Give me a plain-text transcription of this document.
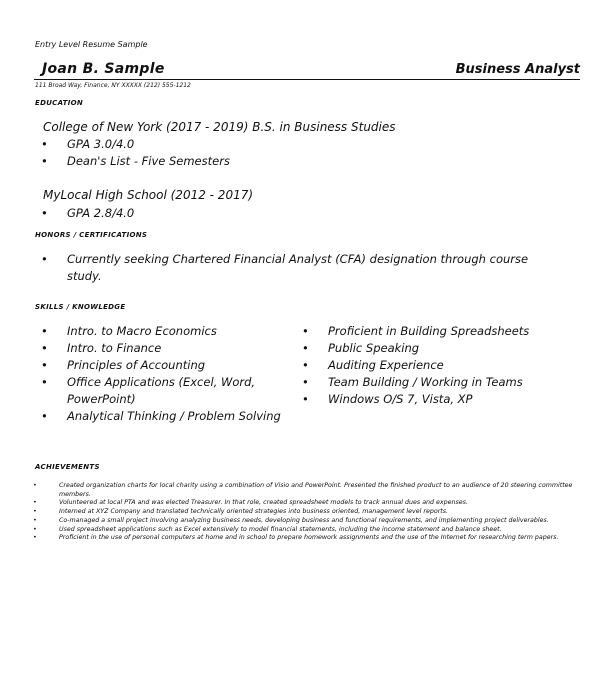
Entry Level Resume Sample
Joan B. Sample	Business Analyst
111 Broad Way, Finance, NY XXXXX (212) 555-1212
EDUCATION
College of New York (2017 - 2019) B.S. in Business Studies
• GPA 3.0/4.0
• Dean's List - Five Semesters
MyLocal High School (2012 - 2017)
• GPA 2.8/4.0
HONORS / CERTIFICATIONS
• Currently seeking Chartered Financial Analyst (CFA) designation through course study.
SKILLS / KNOWLEDGE
• Intro. to Macro Economics
• Intro. to Finance
• Principles of Accounting
• Office Applications (Excel, Word, PowerPoint)
• Analytical Thinking / Problem Solving
• Proficient in Building Spreadsheets
• Public Speaking
• Auditing Experience
• Team Building / Working in Teams
• Windows O/S 7, Vista, XP
ACHIEVEMENTS
• Created organization charts for local charity using a combination of Visio and PowerPoint. Presented the finished product to an audience of 20 steering committee members.
• Volunteered at local PTA and was elected Treasurer. In that role, created spreadsheet models to track annual dues and expenses.
• Interned at XYZ Company and translated technically oriented strategies into business oriented, management level reports.
• Co-managed a small project involving analyzing business needs, developing business and functional requirements, and implementing project deliverables.
• Used spreadsheet applications such as Excel extensively to model financial statements, including the income statement and balance sheet.
• Proficient in the use of personal computers at home and in school to prepare homework assignments and the use of the Internet for researching term papers.
